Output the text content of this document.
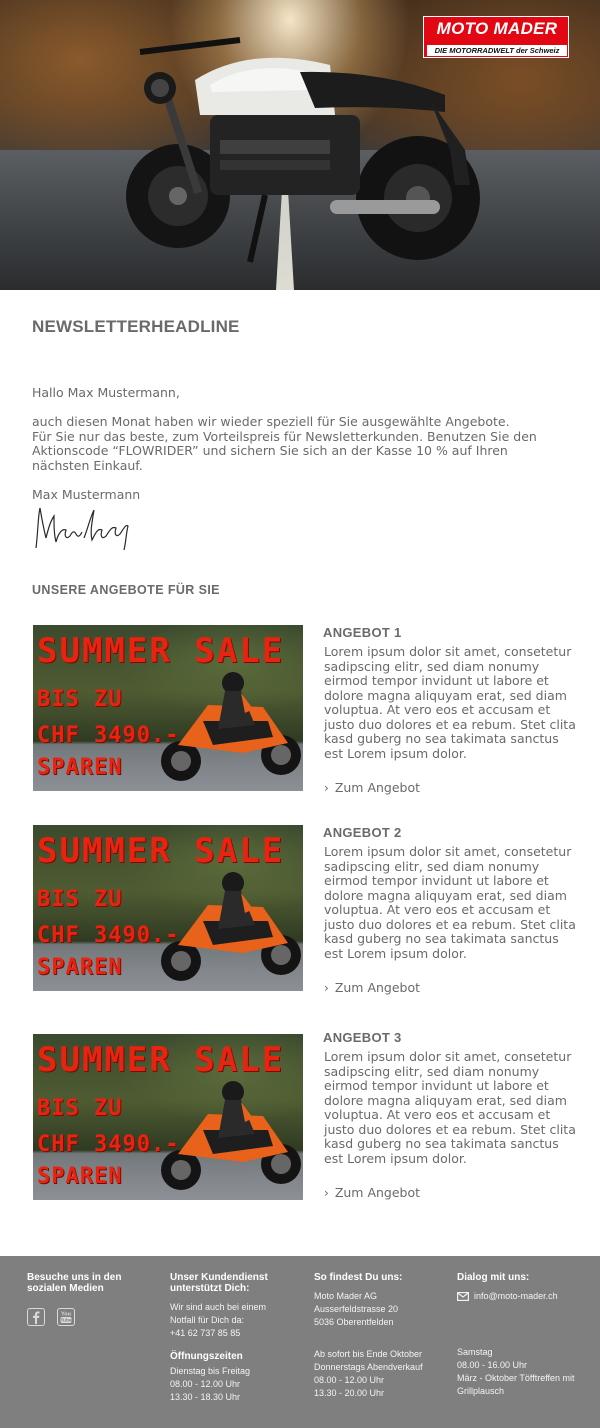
MOTO MADER
DIE MOTORRADWELT der Schweiz
NEWSLETTERHEADLINE
Hallo Max Mustermann,
auch diesen Monat haben wir wieder speziell für Sie ausgewählte Angebote.
Für Sie nur das beste, zum Vorteilspreis für Newsletterkunden. Benutzen Sie den Aktionscode “FLOWRIDER” und sichern Sie sich an der Kasse 10 % auf Ihren nächsten Einkauf.
Max Mustermann
UNSERE ANGEBOTE FÜR SIE
SUMMER SALE
BIS ZU
CHF 3490.-
SPAREN
ANGEBOT 1
Lorem ipsum dolor sit amet, consetetur sadipscing elitr, sed diam nonumy eirmod tempor invidunt ut labore et dolore magna aliquyam erat, sed diam voluptua. At vero eos et accusam et justo duo dolores et ea rebum. Stet clita kasd guberg no sea takimata sanctus est Lorem ipsum dolor.
› Zum Angebot
SUMMER SALE
BIS ZU
CHF 3490.-
SPAREN
ANGEBOT 2
Lorem ipsum dolor sit amet, consetetur sadipscing elitr, sed diam nonumy eirmod tempor invidunt ut labore et dolore magna aliquyam erat, sed diam voluptua. At vero eos et accusam et justo duo dolores et ea rebum. Stet clita kasd guberg no sea takimata sanctus est Lorem ipsum dolor.
› Zum Angebot
SUMMER SALE
BIS ZU
CHF 3490.-
SPAREN
ANGEBOT 3
Lorem ipsum dolor sit amet, consetetur sadipscing elitr, sed diam nonumy eirmod tempor invidunt ut labore et dolore magna aliquyam erat, sed diam voluptua. At vero eos et accusam et justo duo dolores et ea rebum. Stet clita kasd guberg no sea takimata sanctus est Lorem ipsum dolor.
› Zum Angebot
Besuche uns in den sozialen Medien

You
Tube
Unser Kundendienst unterstützt Dich:
Wir sind auch bei einem
Notfall für Dich da:
+41 62 737 85 85
Öffnungszeiten
Dienstag bis Freitag
08.00 - 12.00 Uhr
13.30 - 18.30 Uhr
So findest Du uns:
Moto Mader AG
Ausserfeldstrasse 20
5036 Oberentfelden
Ab sofort bis Ende Oktober
Donnerstags Abendverkauf
08.00 - 12.00 Uhr
13.30 - 20.00 Uhr
Dialog mit uns:
info@moto-mader.ch
Samstag
08.00 - 16.00 Uhr
März - Oktober Töfftreffen mit Grillplausch
